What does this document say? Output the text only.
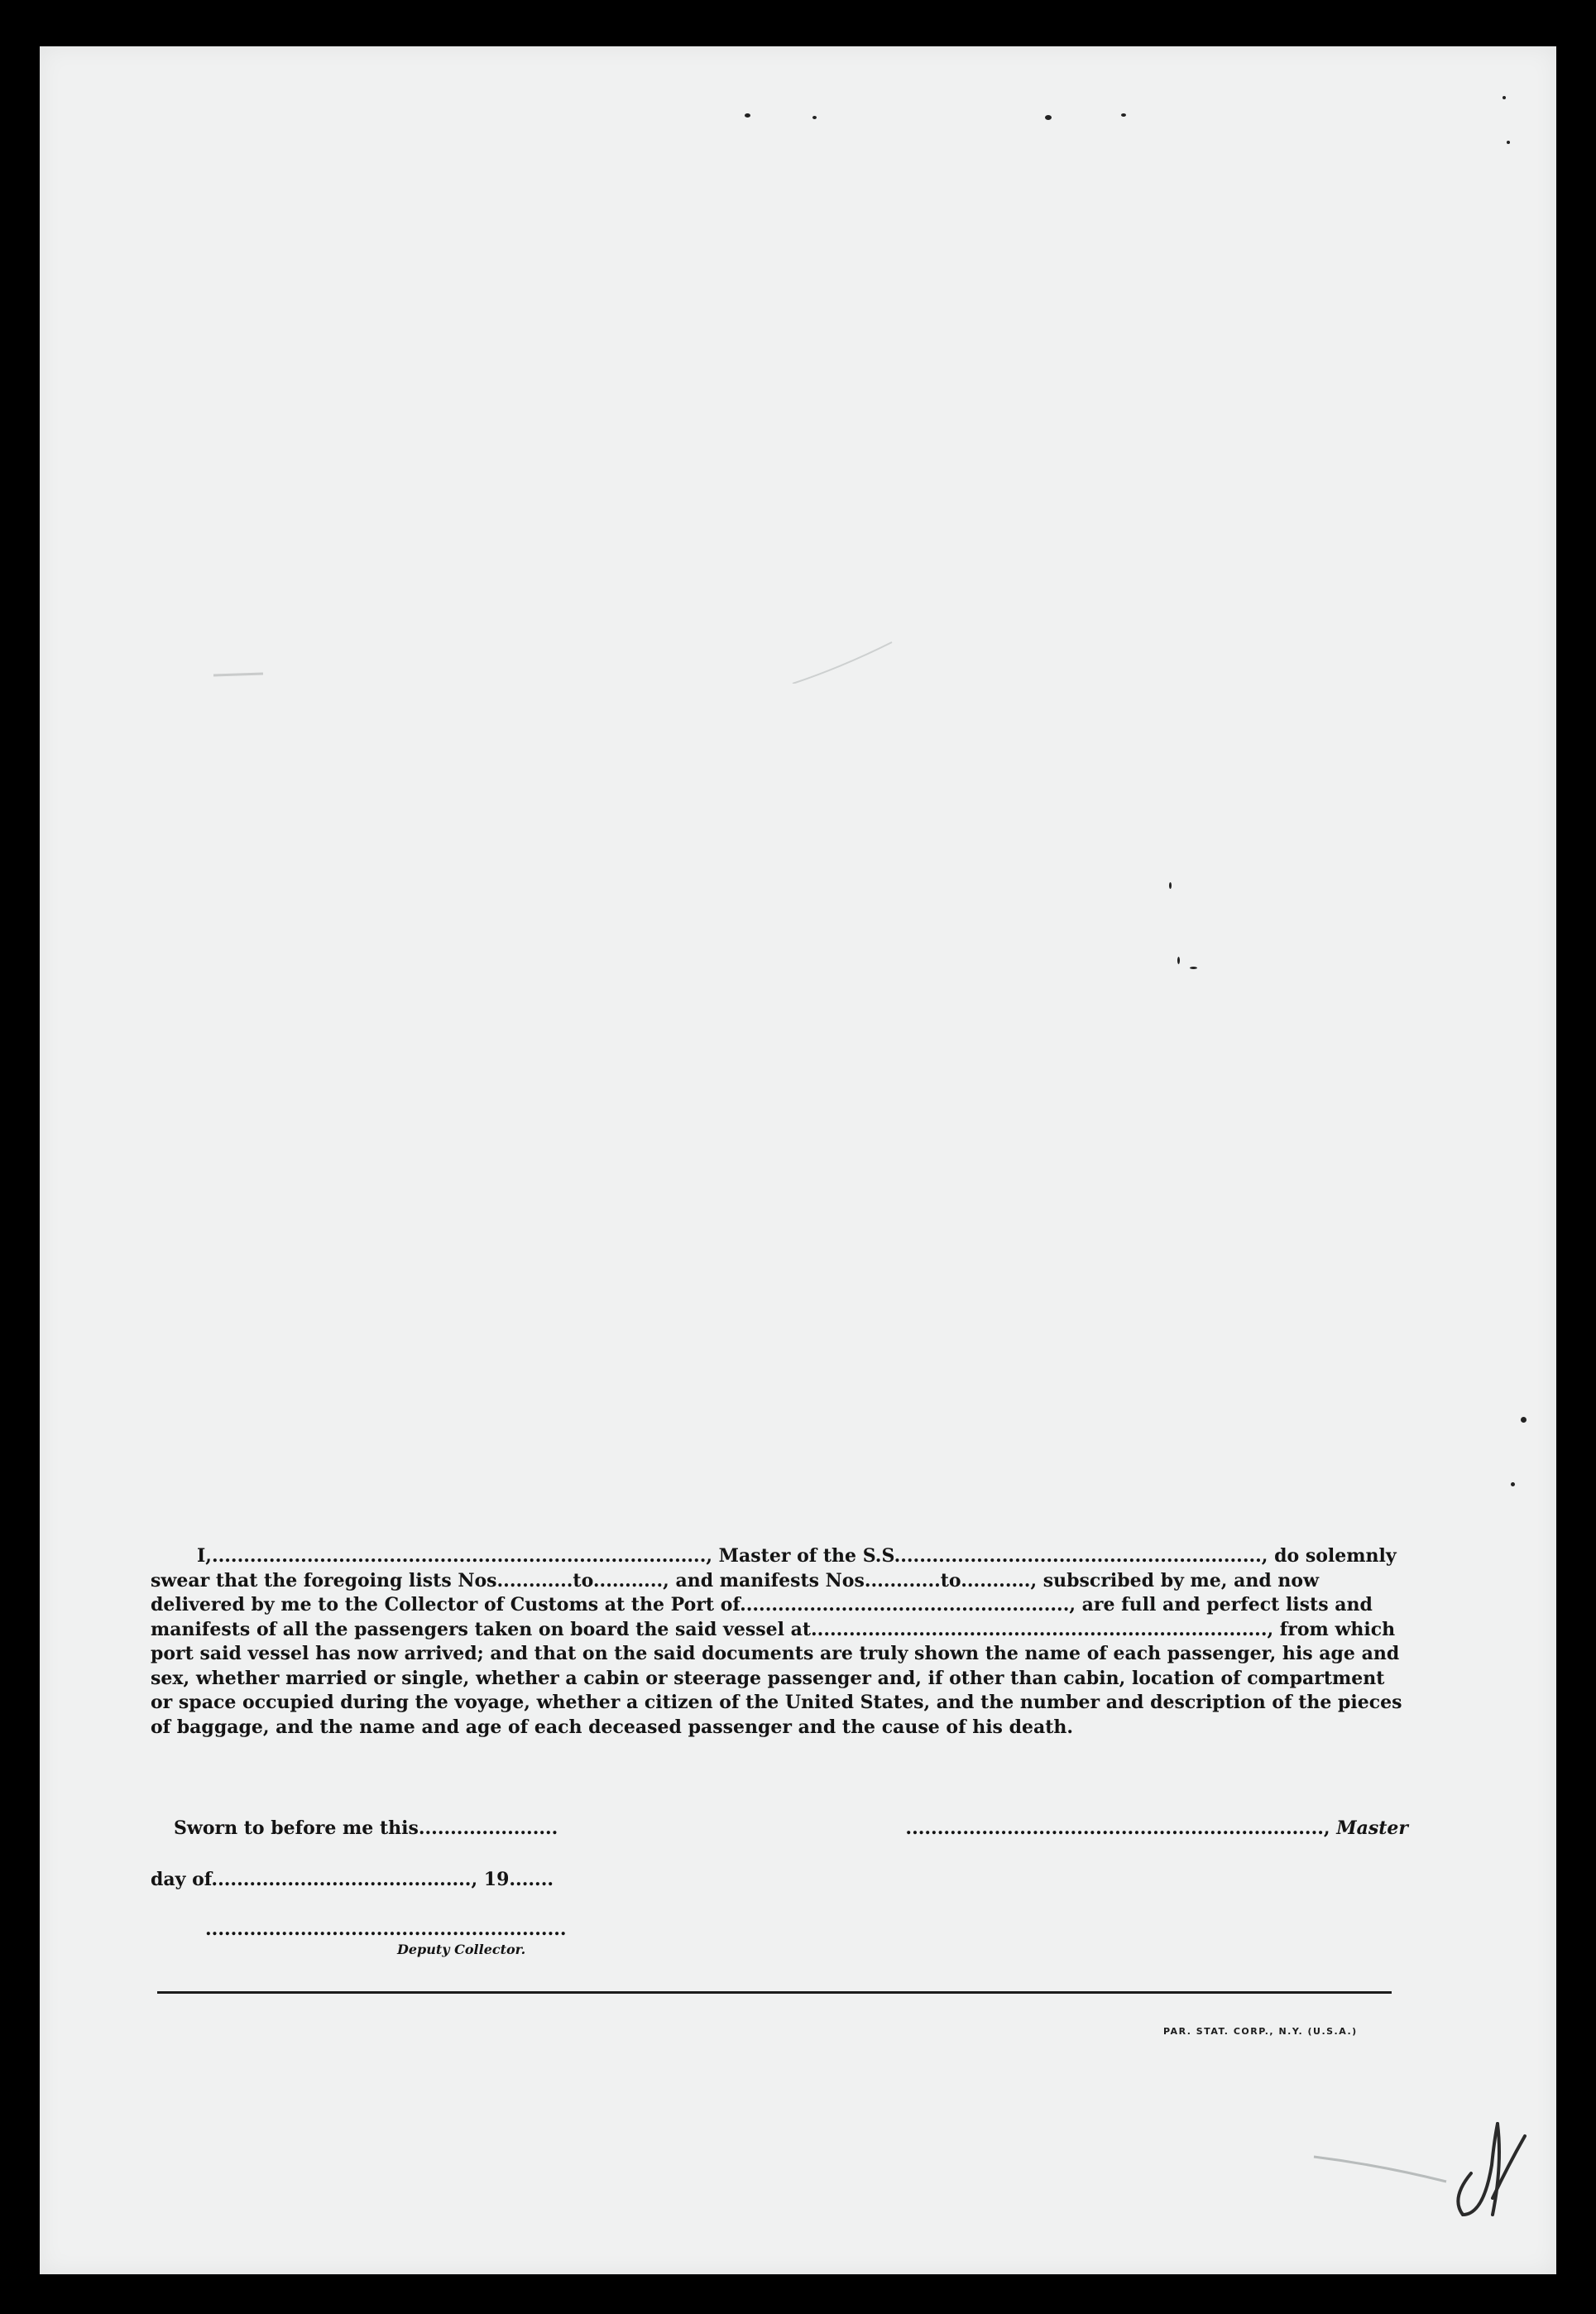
I,.............................................................................., Master of the S.S.........................................................., do solemnly
swear that the foregoing lists Nos............to..........., and manifests Nos............to..........., subscribed by me, and now
delivered by me to the Collector of Customs at the Port of...................................................., are full and perfect lists and
manifests of all the passengers taken on board the said vessel at........................................................................, from which
port said vessel has now arrived; and that on the said documents are truly shown the name of each passenger, his age and
sex, whether married or single, whether a cabin or steerage passenger and, if other than cabin, location of compartment
or space occupied during the voyage, whether a citizen of the United States, and the number and description of the pieces
of baggage, and the name and age of each deceased passenger and the cause of his death.
Sworn to before me this......................	.................................................................., Master
day of........................................., 19.......
.........................................................
Deputy Collector.
PAR. STAT. CORP., N.Y. (U.S.A.)
